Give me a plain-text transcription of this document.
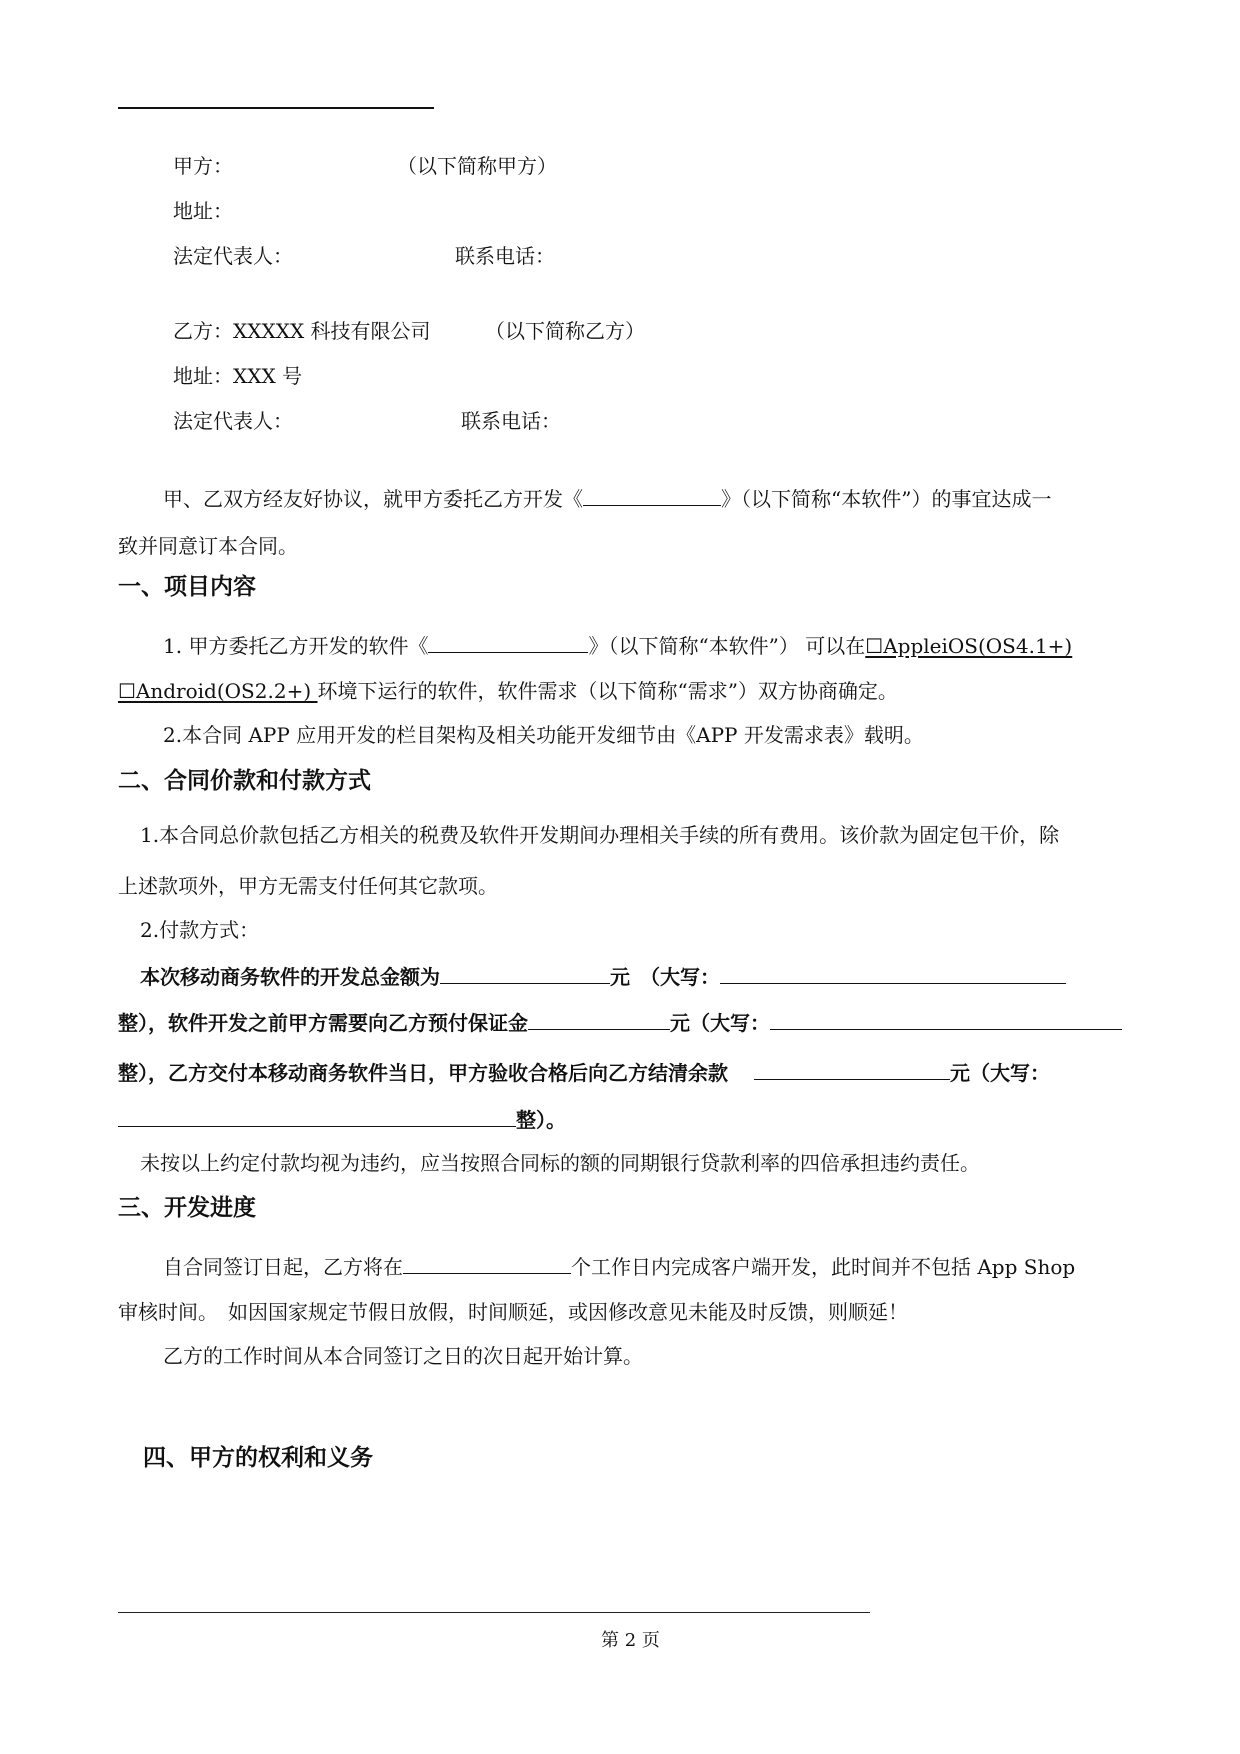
甲方：	（以下简称甲方）
地址：
法定代表人：	联系电话：
乙方：XXXXX 科技有限公司	（以下简称乙方）
地址：XXX 号
法定代表人：	联系电话：
甲、乙双方经友好协议，就甲方委托乙方开发《	》（以下简称“本软件”）的事宜达成一
致并同意订本合同。
一、项目内容
1. 甲方委托乙方开发的软件《	》（以下简称“本软件”） 可以在☐AppleiOS(OS4.1+)
☐Android(OS2.2+) 环境下运行的软件，软件需求（以下简称“需求”）双方协商确定。
2.本合同 APP 应用开发的栏目架构及相关功能开发细节由《APP 开发需求表》载明。
二、合同价款和付款方式
1.本合同总价款包括乙方相关的税费及软件开发期间办理相关手续的所有费用。该价款为固定包干价，除
上述款项外，甲方无需支付任何其它款项。
2.付款方式：
本次移动商务软件的开发总金额为	元　（大写：
整），软件开发之前甲方需要向乙方预付保证金	元（大写：
整），乙方交付本移动商务软件当日，甲方验收合格后向乙方结清余款	元（大写：
整）。
未按以上约定付款均视为违约，应当按照合同标的额的同期银行贷款利率的四倍承担违约责任。
三、开发进度
自合同签订日起，乙方将在	个工作日内完成客户端开发，此时间并不包括 App Shop
审核时间。　如因国家规定节假日放假，时间顺延，或因修改意见未能及时反馈，则顺延！
乙方的工作时间从本合同签订之日的次日起开始计算。
四、甲方的权利和义务
第 2 页
